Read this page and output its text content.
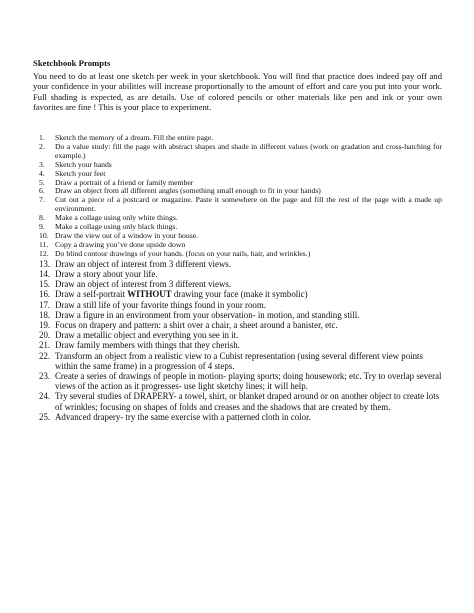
Sketchbook Prompts
You need to do at least one sketch per week in your sketchbook. You will find that practice does indeed pay off and your confidence in your abilities will increase proportionally to the amount of effort and care you put into your work. Full shading is expected, as are details. Use of colored pencils or other materials like pen and ink or your own favorites are fine ! This is your place to experiment.
1. Sketch the memory of a dream. Fill the entire page.
2. Do a value study: fill the page with abstract shapes and shade in different values (work on gradation and cross-hatching for example.)
3. Sketch your hands
4. Sketch your feet
5. Draw a portrait of a friend or family member
6. Draw an object from all different angles (something small enough to fit in your hands)
7. Cut out a piece of a postcard or magazine. Paste it somewhere on the page and fill the rest of the page with a made up environment.
8. Make a collage using only white things.
9. Make a collage using only black things.
10. Draw the view out of a window in your house.
11. Copy a drawing you’ve done upside down
12. Do blind contour drawings of your hands. (focus on your nails, hair, and wrinkles.)
13. Draw an object of interest from 3 different views.
14. Draw a story about your life.
15. Draw an object of interest from 3 different views.
16. Draw a self-portrait WITHOUT drawing your face (make it symbolic)
17. Draw a still life of your favorite things found in your room.
18. Draw a figure in an environment from your observation- in motion, and standing still.
19. Focus on drapery and pattern: a shirt over a chair, a sheet around a banister, etc.
20. Draw a metallic object and everything you see in it.
21. Draw family members with things that they cherish.
22. Transform an object from a realistic view to a Cubist representation (using several different view points within the same frame) in a progression of 4 steps.
23. Create a series of drawings of people in motion- playing sports; doing housework; etc. Try to overlap several views of the action as it progresses- use light sketchy lines; it will help.
24. Try several studies of DRAPERY- a towel, shirt, or blanket draped around or on another object to create lots of wrinkles; focusing on shapes of folds and creases and the shadows that are created by them.
25. Advanced drapery- try the same exercise with a patterned cloth in color.
